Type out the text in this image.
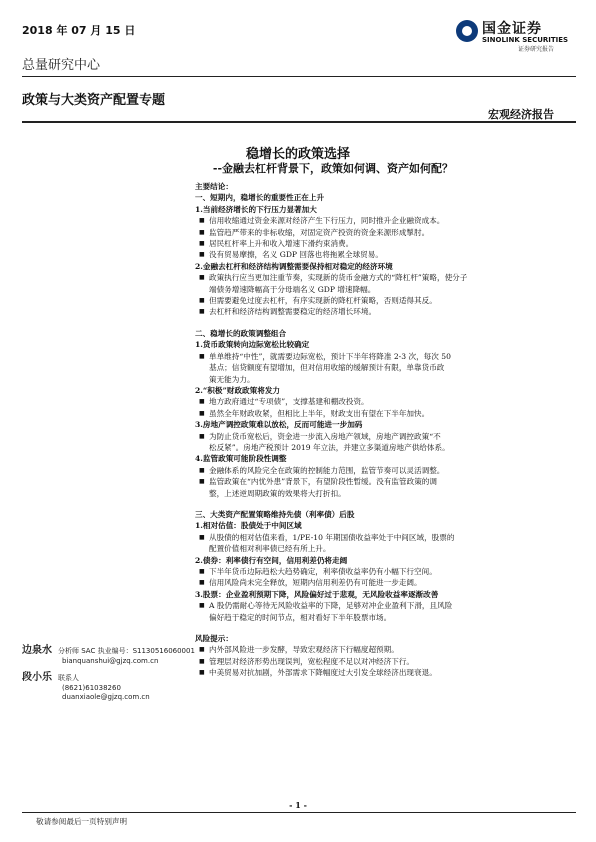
2018 年 07 月 15 日	国金证券
SINOLINK SECURITIES
证券研究报告
总量研究中心
政策与大类资产配置专题
宏观经济报告
稳增长的政策选择
--金融去杠杆背景下，政策如何调、资产如何配？
边泉水 分析师 SAC 执业编号：S1130516060001
bianquanshui@gjzq.com.cn
段小乐 联系人
(8621)61038260
duanxiaole@gjzq.com.cn
主要结论：
一、短期内，稳增长的重要性正在上升
1.当前经济增长的下行压力显著加大
■ 信用收缩通过资金来源对经济产生下行压力，同时推升企业融资成本。
■ 监管趋严带来的非标收缩，对固定资产投资的资金来源形成掣肘。
■ 居民杠杆率上升和收入增速下滑约束消费。
■ 没有贸易摩擦，名义 GDP 回落也将拖累全球贸易。
2.金融去杠杆和经济结构调整需要保持相对稳定的经济环境
■ 政策执行应当更加注重节奏，实现新的货币金融方式的“降杠杆”策略，使分子
端债务增速降幅高于分母端名义 GDP 增速降幅。
■ 但需要避免过度去杠杆，有序实现新的降杠杆策略，否则适得其反。
■ 去杠杆和经济结构调整需要稳定的经济增长环境。
二、稳增长的政策调整组合
1.货币政策转向边际宽松比较确定
■ 单单维持“中性”，就需要边际宽松，预计下半年将降准 2-3 次，每次 50
基点；信贷额度有望增加，但对信用收缩的缓解预计有限，单靠货币政
策无能为力。
2.“积极”财政政策将发力
■ 地方政府通过“专项债”，支撑基建和棚改投资。
■ 虽然全年财政收紧，但相比上半年，财政支出有望在下半年加快。
3.房地产调控政策难以放松，反而可能进一步加码
■ 为防止货币宽松后，资金进一步流入房地产领域，房地产调控政策“不
松反紧”。房地产税预计 2019 年立法，并建立多渠道房地产供给体系。
4.监管政策可能阶段性调整
■ 金融体系的风险完全在政策的控制能力范围，监管节奏可以灵活调整。
■ 监管政策在“内忧外患”背景下，有望阶段性暂缓。没有监管政策的调
整，上述逆周期政策的效果将大打折扣。
三、大类资产配置策略维持先债（利率债）后股
1.相对估值：股债处于中间区域
■ 从股债的相对估值来看，1/PE-10 年期国债收益率处于中间区域，股票的
配置价值相对利率债已经有所上升。
2.债券：利率债行有空间，信用利差仍将走阔
■ 下半年货币边际趋松大趋势确定，利率债收益率仍有小幅下行空间。
■ 信用风险尚未完全释放，短期内信用利差仍有可能进一步走阔。
3.股票：企业盈利预期下降，风险偏好过于悲观，无风险收益率逐渐改善
■ A 股仍需耐心等待无风险收益率的下降，足够对冲企业盈利下滑，且风险
偏好趋于稳定的时间节点，相对看好下半年股票市场。
风险提示：
■ 内外部风险进一步发酵，导致宏观经济下行幅度超预期。
■ 管理层对经济形势出现误判，宽松程度不足以对冲经济下行。
■ 中美贸易对抗加剧，外部需求下降幅度过大引发全球经济出现衰退。
- 1 -
敬请参阅最后一页特别声明
